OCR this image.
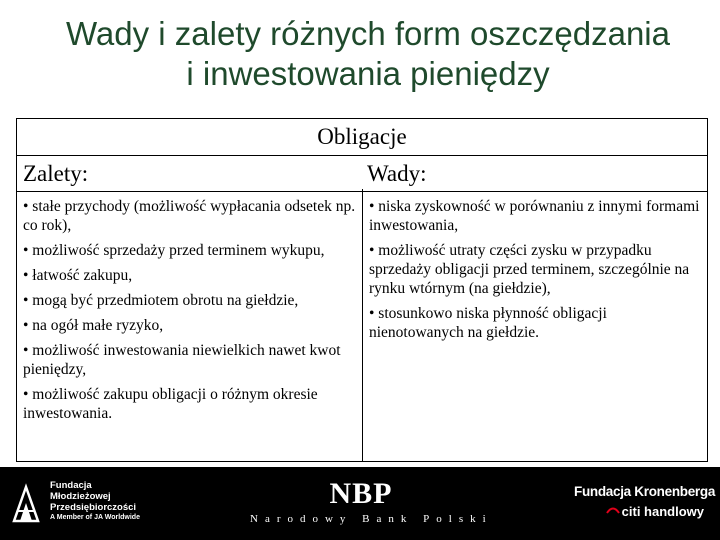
Wady i zalety różnych form oszczędzania
i inwestowania pieniędzy
Obligacje
Zalety:	Wady:
• stałe przychody (możliwość wypłacania odsetek np. co rok),
• możliwość sprzedaży przed terminem wykupu,
• łatwość zakupu,
• mogą być przedmiotem obrotu na giełdzie,
• na ogół małe ryzyko,
• możliwość inwestowania niewielkich nawet kwot pieniędzy,
• możliwość zakupu obligacji o różnym okresie inwestowania.
• niska zyskowność w porównaniu z innymi formami inwestowania,
• możliwość utraty części zysku w przypadku sprzedaży obligacji przed terminem, szczególnie na rynku wtórnym (na giełdzie),
• stosunkowo niska płynność obligacji nienotowanych na giełdzie.
Fundacja
Młodzieżowej
Przedsiębiorczości
A Member of JA Worldwide
NBP
Narodowy Bank Polski
Fundacja Kronenberga
citi handlowy
